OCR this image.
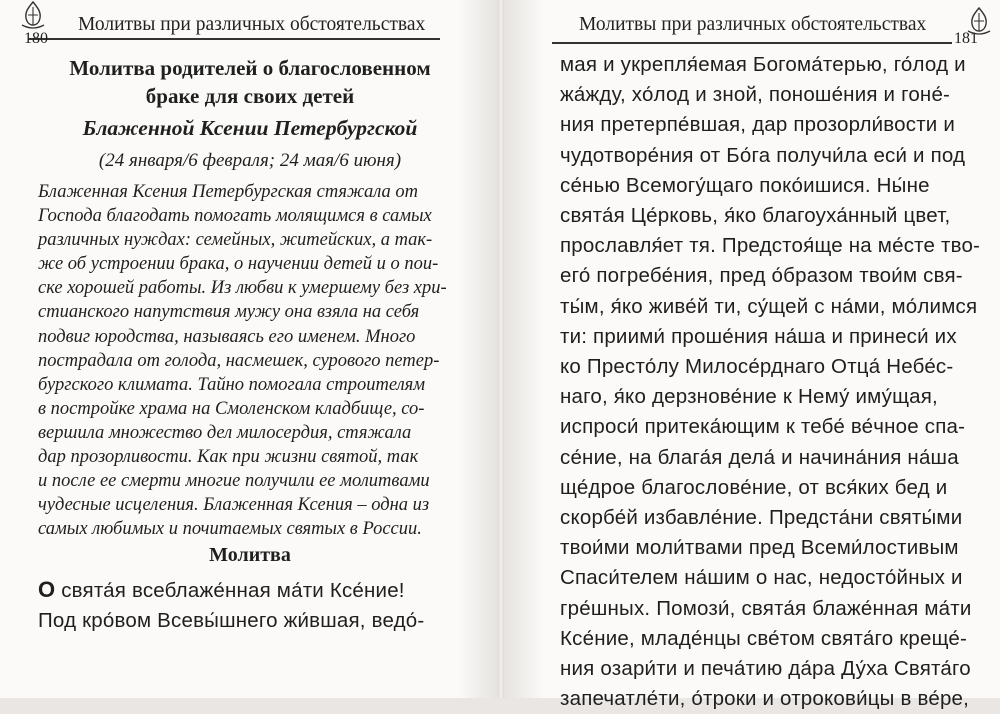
Молитвы при различных обстоятельствах
180
Молитва родителей о благословенном
браке для своих детей
Блаженной Ксении Петербургской
(24 января/6 февраля; 24 мая/6 июня)
Блаженная Ксения Петербургская стяжала от
Господа благодать помогать молящимся в самых
различных нуждах: семейных, житейских, а так-
же об устроении брака, о научении детей и о пои-
ске хорошей работы. Из любви к умершему без хри-
стианского напутствия мужу она взяла на себя
подвиг юродства, называясь его именем. Много
пострадала от голода, насмешек, сурового петер-
бургского климата. Тайно помогала строителям
в постройке храма на Смоленском кладбище, со-
вершила множество дел милосердия, стяжала
дар прозорливости. Как при жизни святой, так
и после ее смерти многие получили ее молитвами
чудесные исцеления. Блаженная Ксения – одна из
самых любимых и почитаемых святых в России.
Молитва
О свята́я всеблаже́нная ма́ти Ксе́ние!
Под кро́вом Всевы́шнего жи́вшая, ведо́-
Молитвы при различных обстоятельствах
181
мая и укрепля́емая Богома́терью, го́лод и
жа́жду, хо́лод и зной, поноше́ния и гоне́-
ния претерпе́вшая, дар прозорли́вости и
чудотворе́ния от Бо́га получи́ла еси́ и под
се́нью Всемогу́щаго поко́ишися. Ны́не
свята́я Це́рковь, я́ко благоуха́нный цвет,
прославля́ет тя. Предстоя́ще на ме́сте тво-
его́ погребе́ния, пред о́бразом твои́м свя-
ты́м, я́ко живе́й ти, су́щей с на́ми, мо́лимся
ти: приими́ проше́ния на́ша и принеси́ их
ко Престо́лу Милосе́рднаго Отца́ Небе́с-
наго, я́ко дерзнове́ние к Нему́ иму́щая,
испроси́ притека́ющим к тебе́ ве́чное спа-
се́ние, на блага́я дела́ и начина́ния на́ша
ще́дрое благослове́ние, от вся́ких бед и
скорбе́й избавле́ние. Предста́ни святы́ми
твои́ми моли́твами пред Всеми́лостивым
Спаси́телем на́шим о нас, недосто́йных и
гре́шных. Помози́, свята́я блаже́нная ма́ти
Ксе́ние, младе́нцы све́том свята́го креще́-
ния озари́ти и печа́тию да́ра Ду́ха Свята́го
запечатле́ти, о́троки и отрокови́цы в ве́ре,
